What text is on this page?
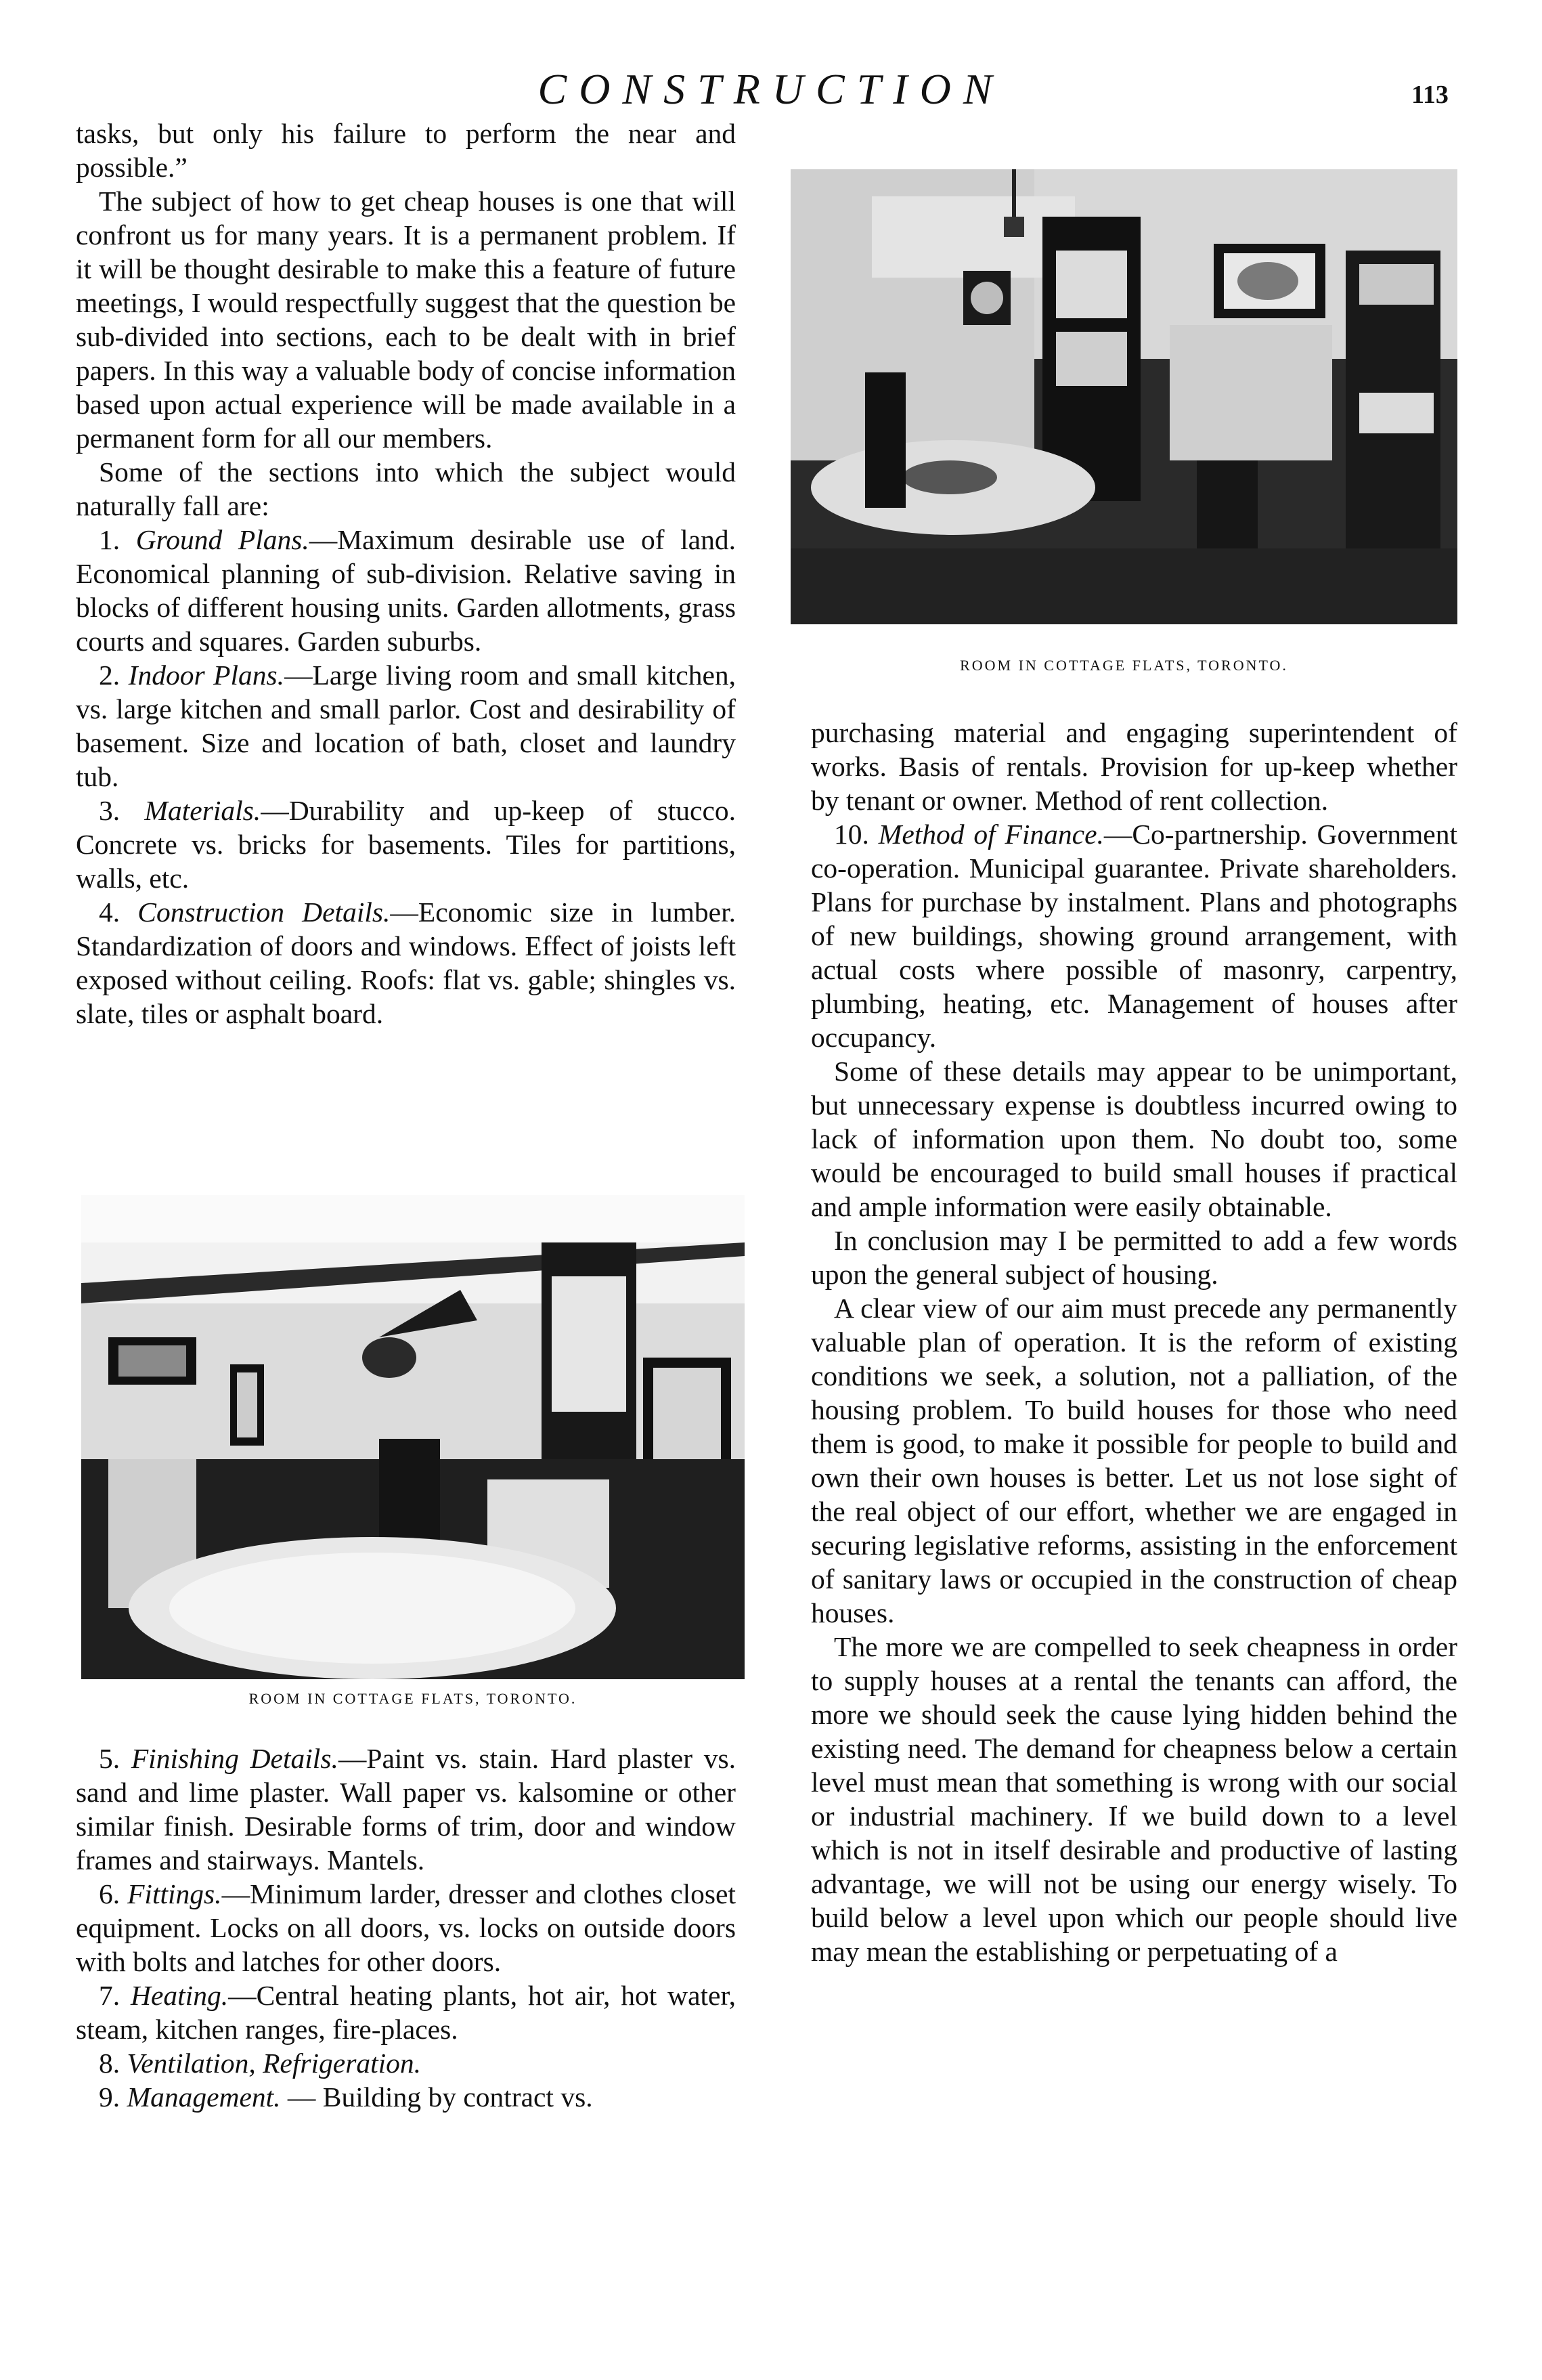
CONSTRUCTION	113

tasks, but only his failure to perform the near and possible.”

The subject of how to get cheap houses is one that will confront us for many years. It is a permanent problem. If it will be thought desirable to make this a feature of future meetings, I would respectfully suggest that the question be sub-divided into sections, each to be dealt with in brief papers. In this way a valuable body of concise information based upon actual experience will be made available in a permanent form for all our members.

Some of the sections into which the subject would naturally fall are:

1. Ground Plans.—Maximum desirable use of land. Economical planning of sub-division. Relative saving in blocks of different housing units. Garden allotments, grass courts and squares. Garden suburbs.

2. Indoor Plans.—Large living room and small kitchen, vs. large kitchen and small parlor. Cost and desirability of basement. Size and location of bath, closet and laundry tub.

3. Materials.—Durability and up-keep of stucco. Concrete vs. bricks for basements. Tiles for partitions, walls, etc.

4. Construction Details.—Economic size in lumber. Standardization of doors and windows. Effect of joists left exposed without ceiling. Roofs: flat vs. gable; shingles vs. slate, tiles or asphalt board.

ROOM IN COTTAGE FLATS, TORONTO.
ROOM IN COTTAGE FLATS, TORONTO.

5. Finishing Details.—Paint vs. stain. Hard plaster vs. sand and lime plaster. Wall paper vs. kalsomine or other similar finish. Desirable forms of trim, door and window frames and stairways. Mantels.

6. Fittings.—Minimum larder, dresser and clothes closet equipment. Locks on all doors, vs. locks on outside doors with bolts and latches for other doors.

7. Heating.—Central heating plants, hot air, hot water, steam, kitchen ranges, fire-places.

8. Ventilation, Refrigeration.

9. Management. — Building by contract vs.

purchasing material and engaging superintendent of works. Basis of rentals. Provision for up-keep whether by tenant or owner. Method of rent collection.

10. Method of Finance.—Co-partnership. Government co-operation. Municipal guarantee. Private shareholders. Plans for purchase by instalment. Plans and photographs of new buildings, showing ground arrangement, with actual costs where possible of masonry, carpentry, plumbing, heating, etc. Management of houses after occupancy.

Some of these details may appear to be unimportant, but unnecessary expense is doubtless incurred owing to lack of information upon them. No doubt too, some would be encouraged to build small houses if practical and ample information were easily obtainable.

In conclusion may I be permitted to add a few words upon the general subject of housing.

A clear view of our aim must precede any permanently valuable plan of operation. It is the reform of existing conditions we seek, a solution, not a palliation, of the housing problem. To build houses for those who need them is good, to make it possible for people to build and own their own houses is better. Let us not lose sight of the real object of our effort, whether we are engaged in securing legislative reforms, assisting in the enforcement of sanitary laws or occupied in the construction of cheap houses.

The more we are compelled to seek cheapness in order to supply houses at a rental the tenants can afford, the more we should seek the cause lying hidden behind the existing need. The demand for cheapness below a certain level must mean that something is wrong with our social or industrial machinery. If we build down to a level which is not in itself desirable and productive of lasting advantage, we will not be using our energy wisely. To build below a level upon which our people should live may mean the establishing or perpetuating of a
